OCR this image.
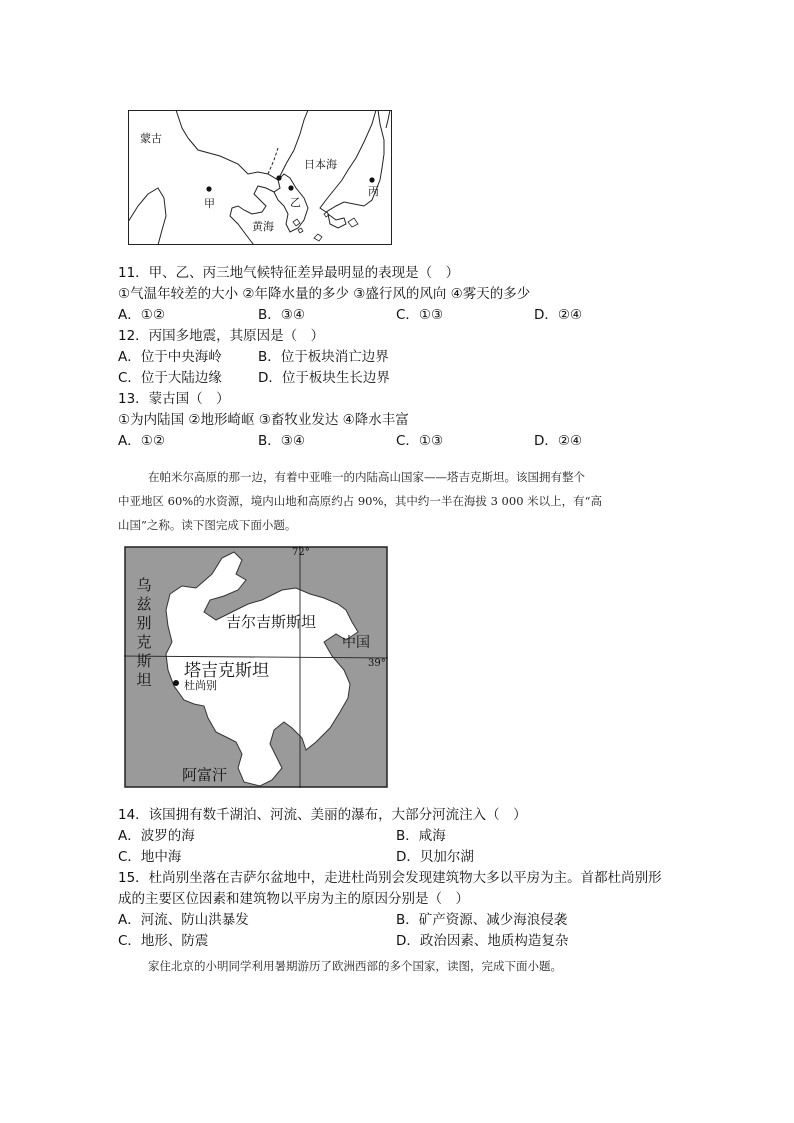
蒙古
日本海
甲	乙
丙
黄海
11．甲、乙、丙三地气候特征差异最明显的表现是（　）
①气温年较差的大小 ②年降水量的多少 ③盛行风的风向 ④雾天的多少
A．①②	B．③④	C．①③	D．②④
12．丙国多地震，其原因是（　）
A．位于中央海岭	B．位于板块消亡边界
C．位于大陆边缘	D．位于板块生长边界
13．蒙古国（　）
①为内陆国 ②地形崎岖 ③畜牧业发达 ④降水丰富
A．①②	B．③④	C．①③	D．②④
在帕米尔高原的那一边，有着中亚唯一的内陆高山国家——塔吉克斯坦。该国拥有整个
中亚地区 60%的水资源，境内山地和高原约占 90%，其中约一半在海拔 3 000 米以上，有“高
山国”之称。读下图完成下面小题。
乌
兹
别
克
斯
坦
吉尔吉斯斯坦
中国
塔吉克斯坦
杜尚别
阿富汗
72°
39°
14．该国拥有数千湖泊、河流、美丽的瀑布，大部分河流注入（　）
A．波罗的海	B．咸海
C．地中海	D．贝加尔湖
15．杜尚别坐落在吉萨尔盆地中，走进杜尚别会发现建筑物大多以平房为主。首都杜尚别形
成的主要区位因素和建筑物以平房为主的原因分别是（　）
A．河流、防山洪暴发	B．矿产资源、减少海浪侵袭
C．地形、防震	D．政治因素、地质构造复杂
家住北京的小明同学利用暑期游历了欧洲西部的多个国家，读图，完成下面小题。
